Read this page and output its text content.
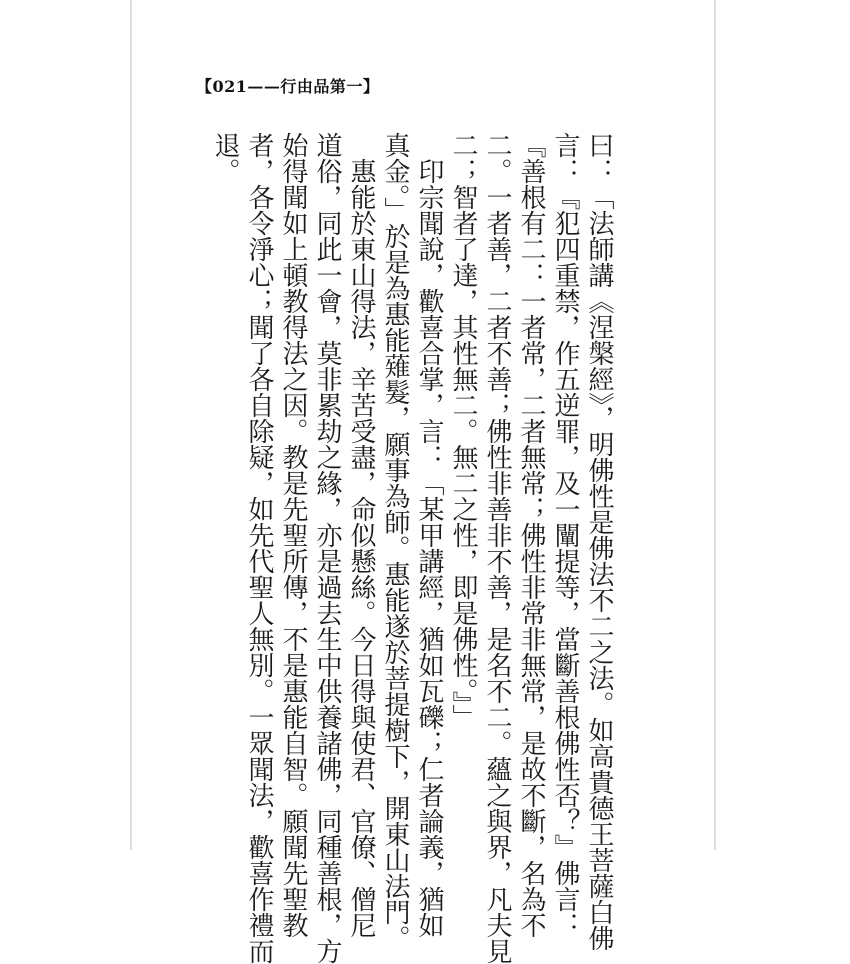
【021——行由品第一】
曰：「法師講《涅槃經》，明佛性是佛法不二之法。如高貴德王菩薩白佛
言：『犯四重禁，作五逆罪，及一闡提等，當斷善根佛性否？』佛言：
『善根有二：一者常，二者無常；佛性非常非無常，是故不斷，名為不
二。一者善，二者不善；佛性非善非不善，是名不二。蘊之與界，凡夫見
二；智者了達，其性無二。無二之性，即是佛性。』」
　印宗聞說，歡喜合掌，言：「某甲講經，猶如瓦礫；仁者論義，猶如
真金。」於是為惠能薙髮，願事為師。惠能遂於菩提樹下，開東山法門。
　惠能於東山得法，辛苦受盡，命似懸絲。今日得與使君、官僚、僧尼
道俗，同此一會，莫非累劫之緣，亦是過去生中供養諸佛，同種善根，方
始得聞如上頓教得法之因。教是先聖所傳，不是惠能自智。願聞先聖教
者，各令淨心；聞了各自除疑，如先代聖人無別。一眾聞法，歡喜作禮而
退。
